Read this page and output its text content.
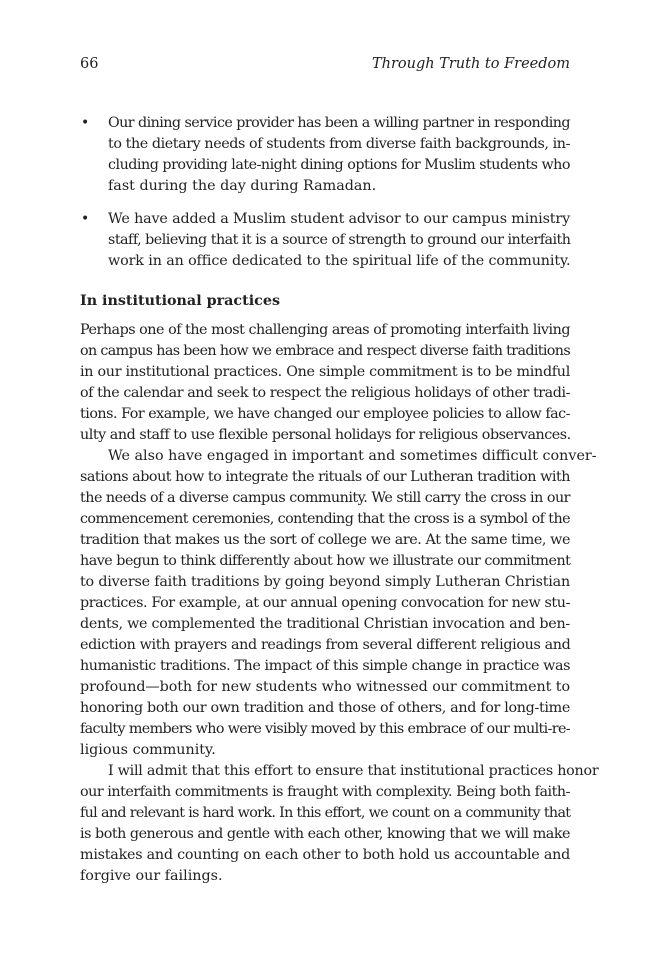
66	Through Truth to Freedom
• Our dining service provider has been a willing partner in responding
to the dietary needs of students from diverse faith backgrounds, in-
cluding providing late-night dining options for Muslim students who
fast during the day during Ramadan.
• We have added a Muslim student advisor to our campus ministry
staff, believing that it is a source of strength to ground our interfaith
work in an office dedicated to the spiritual life of the community.
In institutional practices
Perhaps one of the most challenging areas of promoting interfaith living
on campus has been how we embrace and respect diverse faith traditions
in our institutional practices. One simple commitment is to be mindful
of the calendar and seek to respect the religious holidays of other tradi-
tions. For example, we have changed our employee policies to allow fac-
ulty and staff to use flexible personal holidays for religious observances.
We also have engaged in important and sometimes difficult conver-
sations about how to integrate the rituals of our Lutheran tradition with
the needs of a diverse campus community. We still carry the cross in our
commencement ceremonies, contending that the cross is a symbol of the
tradition that makes us the sort of college we are. At the same time, we
have begun to think differently about how we illustrate our commitment
to diverse faith traditions by going beyond simply Lutheran Christian
practices. For example, at our annual opening convocation for new stu-
dents, we complemented the traditional Christian invocation and ben-
ediction with prayers and readings from several different religious and
humanistic traditions. The impact of this simple change in practice was
profound—both for new students who witnessed our commitment to
honoring both our own tradition and those of others, and for long-time
faculty members who were visibly moved by this embrace of our multi-re-
ligious community.
I will admit that this effort to ensure that institutional practices honor
our interfaith commitments is fraught with complexity. Being both faith-
ful and relevant is hard work. In this effort, we count on a community that
is both generous and gentle with each other, knowing that we will make
mistakes and counting on each other to both hold us accountable and
forgive our failings.
